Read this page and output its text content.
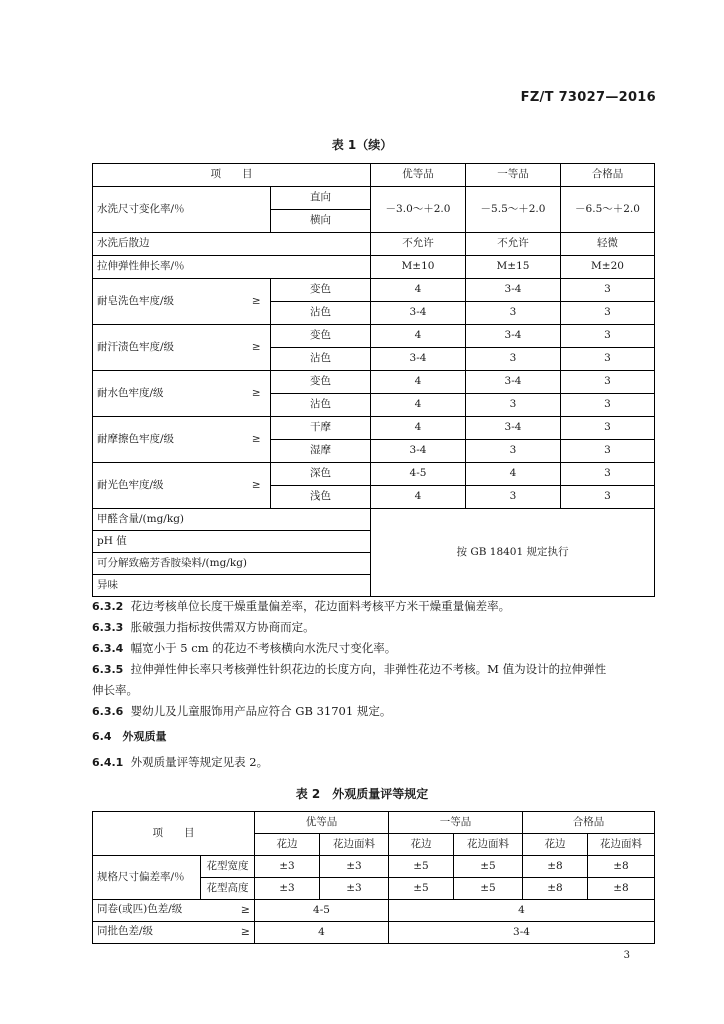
FZ/T 73027—2016
表 1（续）
项　　目			优等品	一等品	合格品
水洗尺寸变化率/％		直向	－3.0～＋2.0	－5.5～＋2.0	－6.5～＋2.0
		横向			
水洗后散边			不允许	不允许	轻微
拉伸弹性伸长率/％			M±10	M±15	M±20
耐皂洗色牢度/级	≥	变色	4	3-4	3
		沾色	3-4	3	3
耐汗渍色牢度/级	≥	变色	4	3-4	3
		沾色	3-4	3	3
耐水色牢度/级	≥	变色	4	3-4	3
		沾色	4	3	3
耐摩擦色牢度/级	≥	干摩	4	3-4	3
		湿摩	3-4	3	3
耐光色牢度/级	≥	深色	4-5	4	3
		浅色	4	3	3
甲醛含量/(mg/kg)			按 GB 18401 规定执行		
pH 值					
可分解致癌芳香胺染料/(mg/kg)					
异味					
6.3.2 花边考核单位长度干燥重量偏差率，花边面料考核平方米干燥重量偏差率。
6.3.3 胀破强力指标按供需双方协商而定。
6.3.4 幅宽小于 5 cm 的花边不考核横向水洗尺寸变化率。
6.3.5 拉伸弹性伸长率只考核弹性针织花边的长度方向，非弹性花边不考核。M 值为设计的拉伸弹性
伸长率。
6.3.6 婴幼儿及儿童服饰用产品应符合 GB 31701 规定。
6.4 外观质量
6.4.1 外观质量评等规定见表 2。
表 2　外观质量评等规定
项　　目		优等品		一等品		合格品	
		花边	花边面料	花边	花边面料	花边	花边面料
规格尺寸偏差率/％	花型宽度	±3	±3	±5	±5	±8	±8
	花型高度	±3	±3	±5	±5	±8	±8
同卷(或匹)色差/级 ≥		4-5		4			
同批色差/级 ≥		4		3-4			
3
